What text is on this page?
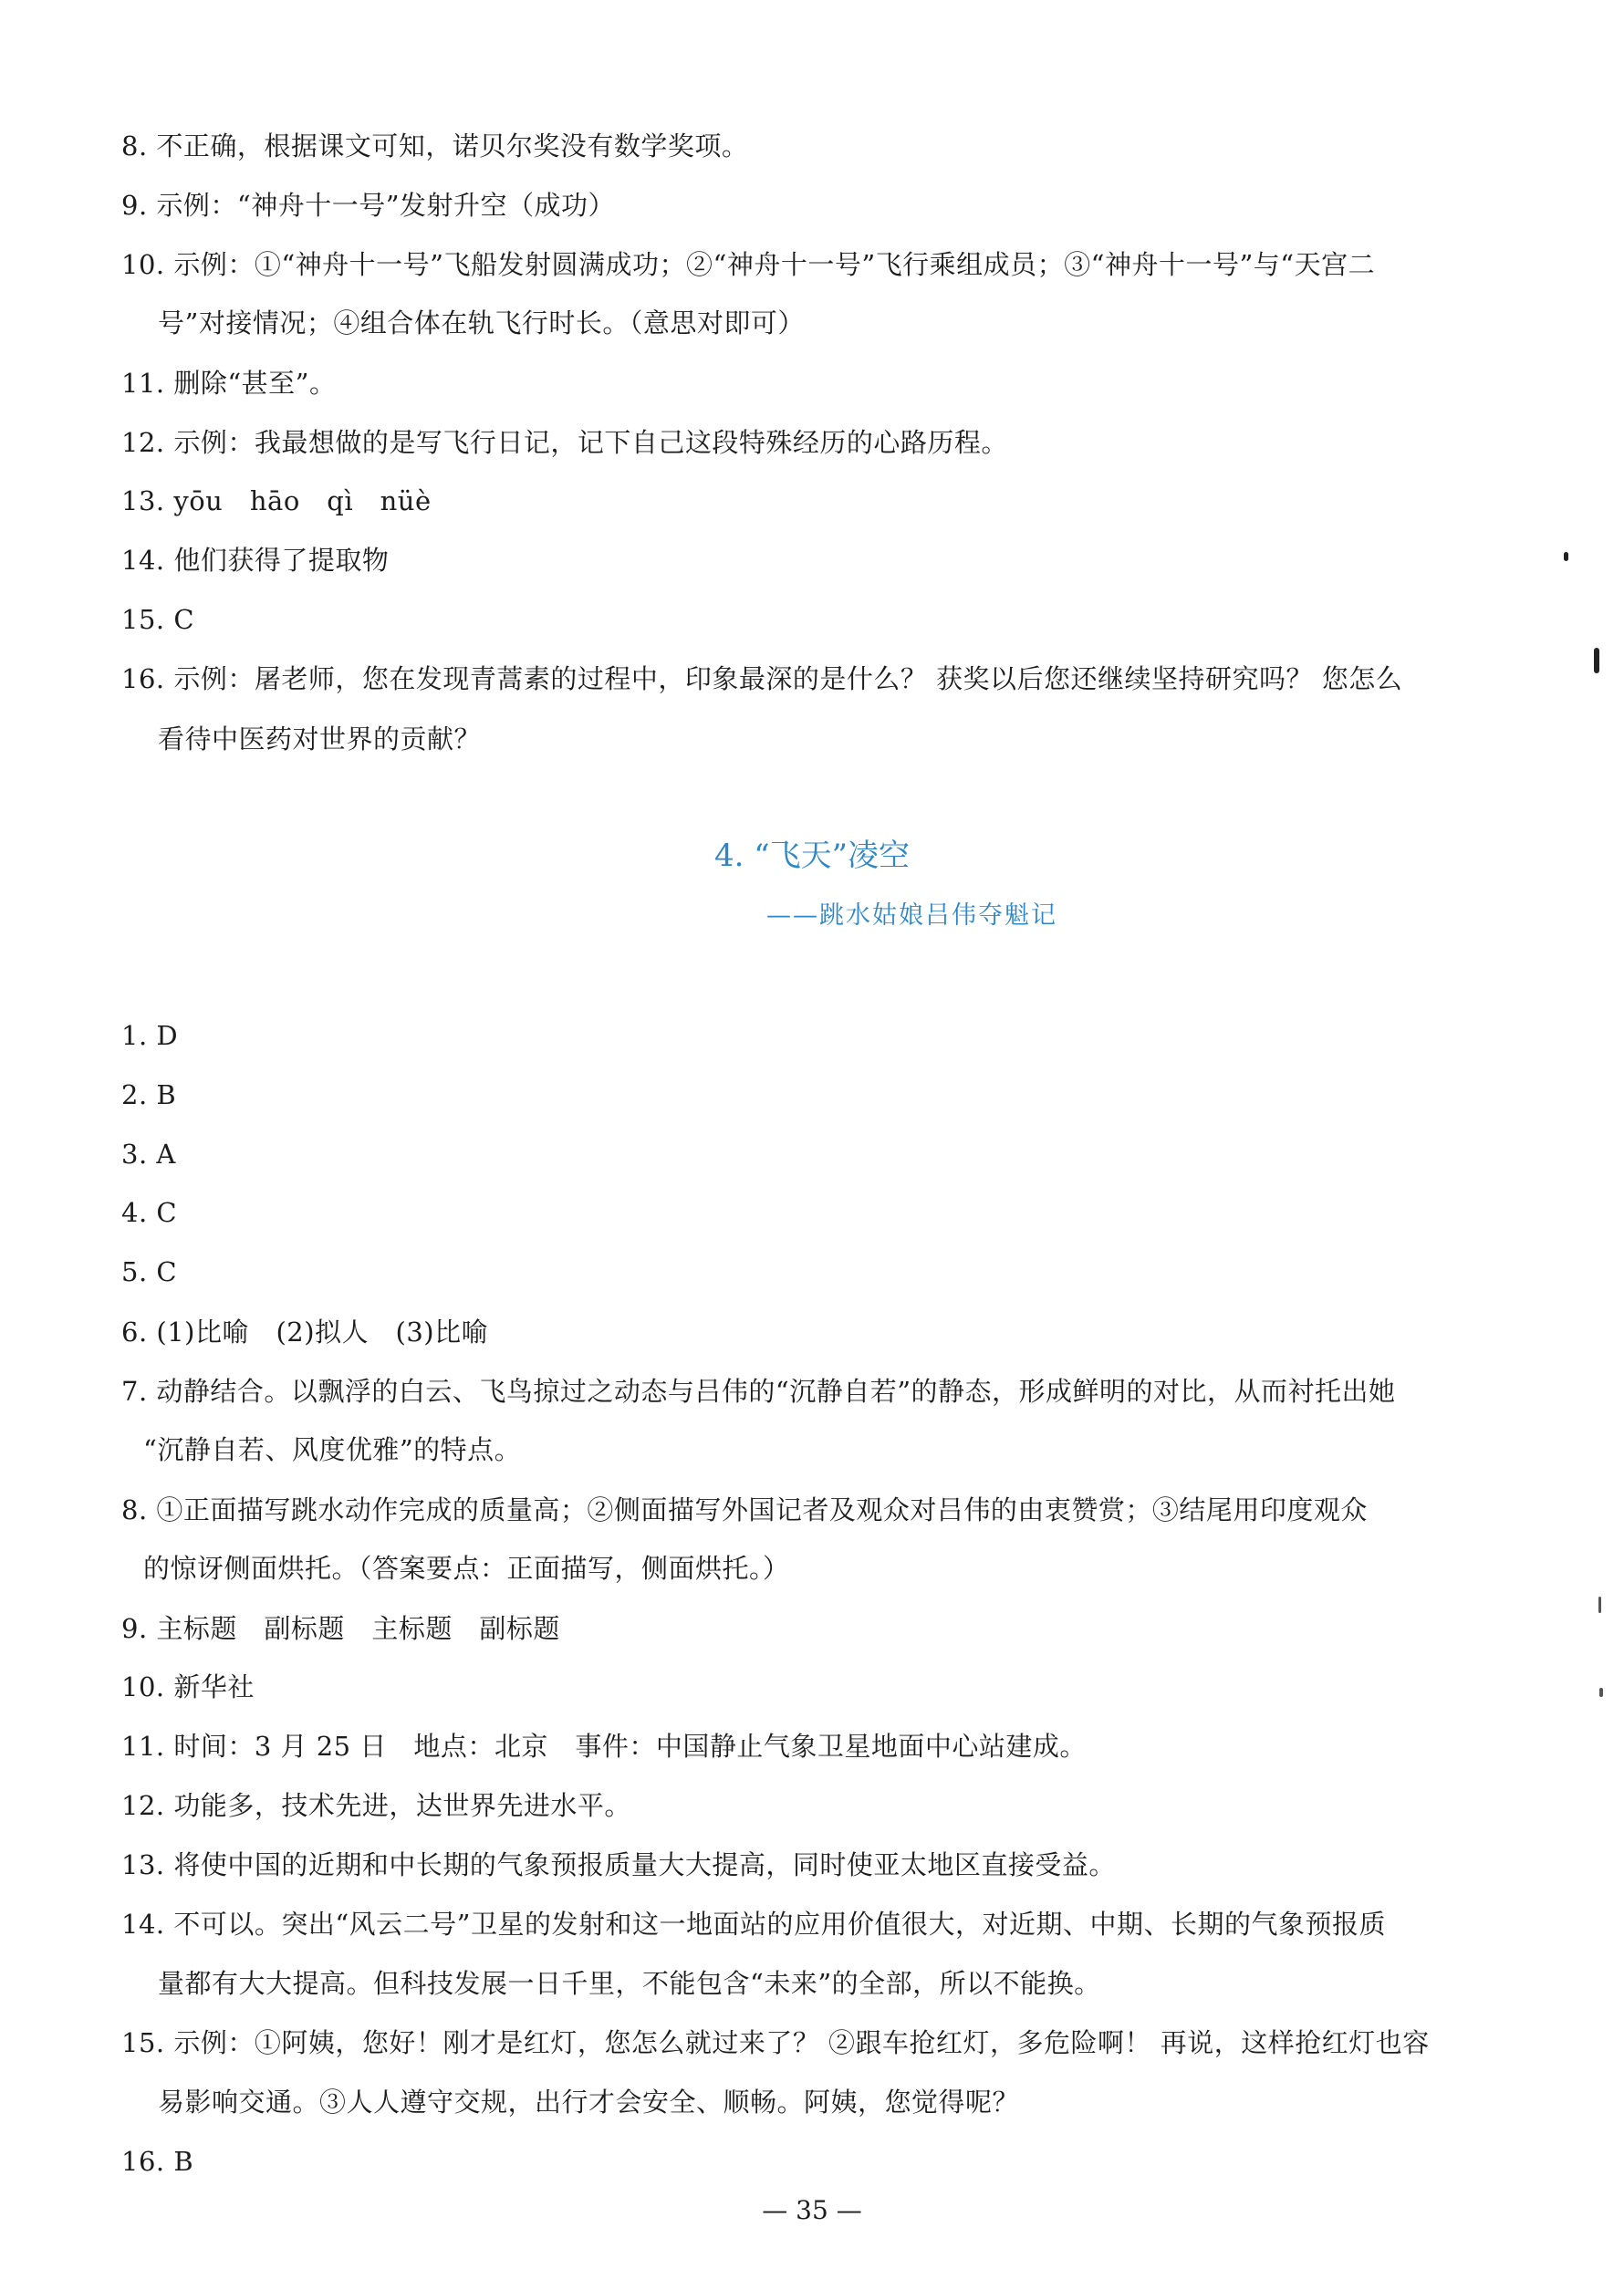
8. 不正确，根据课文可知，诺贝尔奖没有数学奖项。
9. 示例：“神舟十一号”发射升空（成功）
10. 示例：①“神舟十一号”飞船发射圆满成功；②“神舟十一号”飞行乘组成员；③“神舟十一号”与“天宫二
号”对接情况；④组合体在轨飞行时长。（意思对即可）
11. 删除“甚至”。
12. 示例：我最想做的是写飞行日记，记下自己这段特殊经历的心路历程。
13. yōu　hāo　qì　nüè
14. 他们获得了提取物
15. C
16. 示例：屠老师，您在发现青蒿素的过程中，印象最深的是什么？ 获奖以后您还继续坚持研究吗？ 您怎么
看待中医药对世界的贡献？
4. “飞天”凌空
——跳水姑娘吕伟夺魁记
1. D
2. B
3. A
4. C
5. C
6. (1)比喻　(2)拟人　(3)比喻
7. 动静结合。以飘浮的白云、飞鸟掠过之动态与吕伟的“沉静自若”的静态，形成鲜明的对比，从而衬托出她
“沉静自若、风度优雅”的特点。
8. ①正面描写跳水动作完成的质量高；②侧面描写外国记者及观众对吕伟的由衷赞赏；③结尾用印度观众
的惊讶侧面烘托。（答案要点：正面描写，侧面烘托。）
9. 主标题　副标题　主标题　副标题
10. 新华社
11. 时间：3 月 25 日　地点：北京　事件：中国静止气象卫星地面中心站建成。
12. 功能多，技术先进，达世界先进水平。
13. 将使中国的近期和中长期的气象预报质量大大提高，同时使亚太地区直接受益。
14. 不可以。突出“风云二号”卫星的发射和这一地面站的应用价值很大，对近期、中期、长期的气象预报质
量都有大大提高。但科技发展一日千里，不能包含“未来”的全部，所以不能换。
15. 示例：①阿姨，您好！刚才是红灯，您怎么就过来了？ ②跟车抢红灯，多危险啊！ 再说，这样抢红灯也容
易影响交通。③人人遵守交规，出行才会安全、顺畅。阿姨，您觉得呢？
16. B
— 35 —
